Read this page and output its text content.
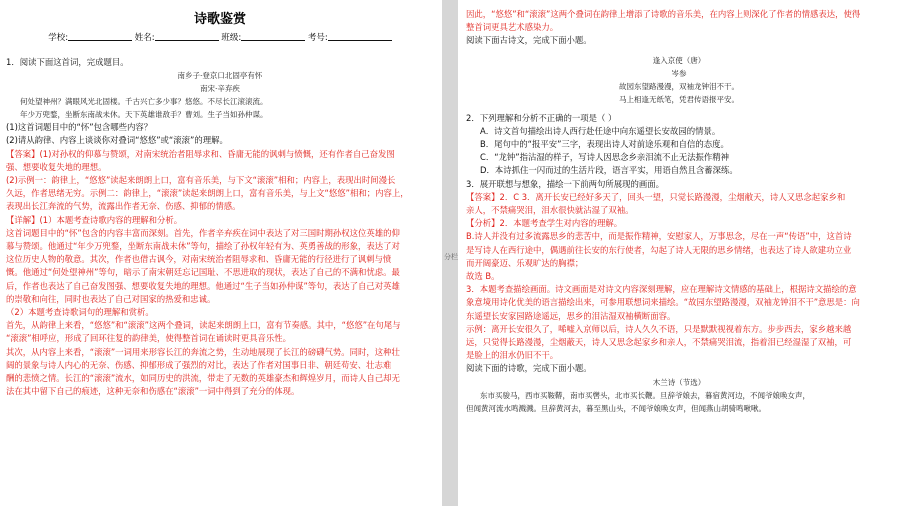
诗歌鉴赏
学校:	姓名:	班级:	考号:
1．阅读下面这首词，完成题目。
南乡子·登京口北固亭有怀
南宋·辛弃疾
何处望神州？满眼风光北固楼。千古兴亡多少事？悠悠。不尽长江滚滚流。
年少万兜鍪，坐断东南战未休。天下英雄谁敌手？曹刘。生子当如孙仲谋。
(1)这首词题目中的“怀”包含哪些内容？
(2)请从韵律、内容上谈谈你对叠词“悠悠”或“滚滚”的理解。
【答案】(1)对孙权的仰慕与赞颂，对南宋统治者阻辱求和、昏庸无能的讽刺与愤慨，还有作者自己奋发图
强、想要收复失地的理想。
(2)示例一：韵律上，“悠悠”读起来朗朗上口，富有音乐美，与下文“滚滚”相和；内容上，表现出时间漫长
久远，作者思绪无穷。示例二：韵律上，“滚滚”读起来朗朗上口，富有音乐美，与上文“悠悠”相和；内容上，
表现出长江奔流的气势，流露出作者无奈、伤感、抑郁的情感。
【详解】(1）本题考查诗歌内容的理解和分析。
这首词题目中的“怀”包含的内容丰富而深刻。首先，作者辛弃疾在词中表达了对三国时期孙权这位英雄的仰
慕与赞颂。他通过“年少万兜鍪，坐断东南战未休”等句，描绘了孙权年轻有为、英勇善战的形象，表达了对
这位历史人物的敬意。其次，作者也借古讽今，对南宋统治者阻辱求和、昏庸无能的行径进行了讽刺与愤
慨。他通过“何处望神州”等句，暗示了南宋朝廷忘记国耻、不思进取的现状，表达了自己的不满和忧虑。最
后，作者也表达了自己奋发图强、想要收复失地的理想。他通过“生子当如孙仲谋”等句，表达了自己对英雄
的崇敬和向往，同时也表达了自己对国家的热爱和忠诚。
（2）本题考查诗歌词句的理解和赏析。
首先，从韵律上来看，“悠悠”和“滚滚”这两个叠词，读起来朗朗上口，富有节奏感。其中，“悠悠”在句尾与
“滚滚”相呼应，形成了回环往复的韵律美，使得整首词在诵读时更具音乐性。
其次，从内容上来看，“滚滚”一词用来形容长江的奔流之势，生动地展现了长江的磅礴气势。同时，这种壮
阔的景象与诗人内心的无奈、伤感、抑郁形成了强烈的对比，表达了作者对国事日非、朝廷苟安、壮志难
酬的悲愤之情。长江的“滚滚”流水，如同历史的洪流，带走了无数的英雄豪杰和辉煌岁月，而诗人自己却无
法在其中留下自己的痕迹，这种无奈和伤感在“滚滚”一词中得到了充分的体现。
分栏
因此，“悠悠”和“滚滚”这两个叠词在韵律上增添了诗歌的音乐美，在内容上则深化了作者的情感表达，使得
整首词更具艺术感染力。
阅读下面古诗文，完成下面小题。
逢入京使（唐）
岑参
故园东望路漫漫，双袖龙钟泪不干。
马上相逢无纸笔，凭君传语报平安。
2．下列理解和分析不正确的一项是（ ）
A．诗文首句描绘出诗人西行赴任途中向东遥望长安故园的情景。
B．尾句中的“报平安”三字，表现出诗人对前途乐观和自信的态度。
C．“龙钟”指沾湿的样子，写诗人因思念乡亲泪流不止无法振作精神
D．本诗抓住一闪而过的生活片段，语言平实，用语自然且含蓄深练。
3．展开联想与想象，描绘一下前两句所展现的画面。
【答案】2．C 3．离开长安已经好多天了，回头一望，只觉长路漫漫，尘烟敝天，诗人又思念起家乡和
亲人，不禁痛哭泪，泪水很快就沾湿了双袖。
【分析】2．本题考查学生对内容的理解。
B.诗人并没有过多流露思乡的悲苦中，而是振作精神，安慰家人，万事思念，尽在一声“传语”中，这首诗
是写诗人在西行途中，偶遇前往长安的东行使者，勾起了诗人无限的思乡情绪，也表达了诗人欲建功立业
而开阔豪迈、乐观旷达的胸襟；
故选 B。
3．本题考查描绘画面。诗文画面是对诗文内容深刻理解，应在理解诗文情感的基础上，根据诗文描绘的意
象意境用诗化优美的语言描绘出来，可参用联想词来描绘。“故园东望路漫漫，双袖龙钟泪不干”意思是：向
东遥望长安家园路途遥远，思乡的泪沾湿双袖横断面容。
示例：离开长安很久了，唏嘘入京师以后，诗人久久不语，只是默默视视着东方。步步西去，家乡越来越
远，只觉得长路漫漫，尘烟蔽天，诗人又思念起家乡和亲人，不禁痛哭泪流，指着泪已经湿湿了双袖，可
是脸上的泪水仍旧不干。
阅读下面的诗歌，完成下面小题。
木兰诗（节选）
东市买骏马，西市买鞍鞯，南市买辔头，北市买长鞭。旦辞爷娘去，暮宿黄河边，不闻爷娘唤女声，
但闻黄河流水鸣溅溅。旦辞黄河去，暮至黑山头，不闻爷娘唤女声，但闻燕山胡骑鸣啾啾。
